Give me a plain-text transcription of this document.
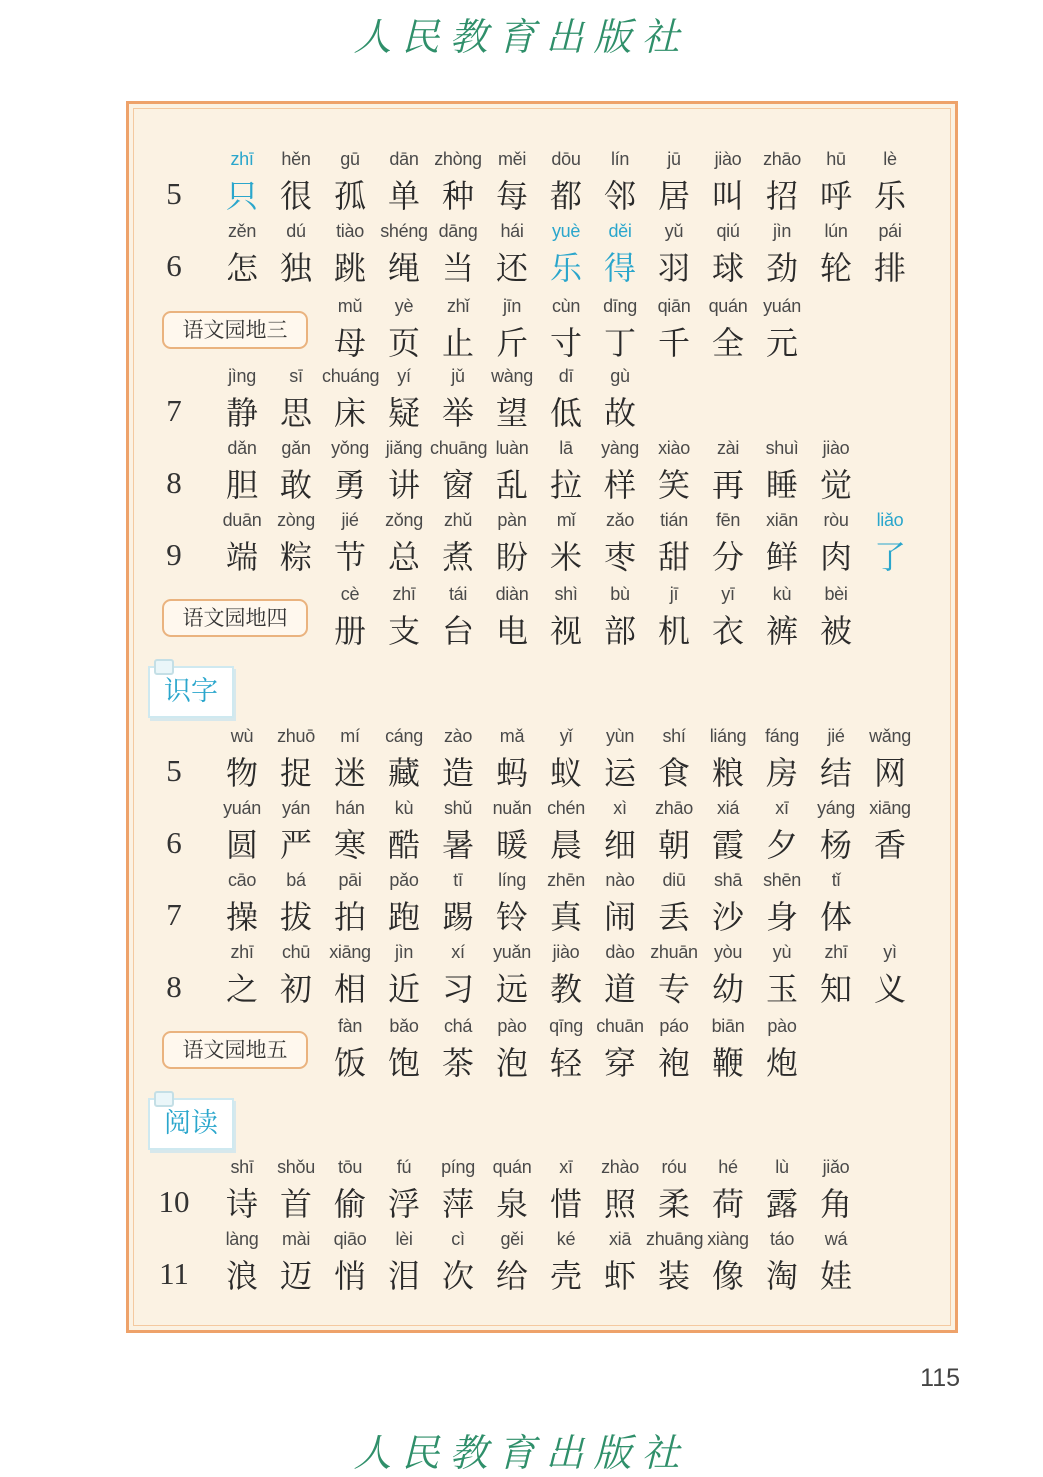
人民教育出版社
5
zhī
只
hěn
很
gū
孤
dān
单
zhòng
种
měi
每
dōu
都
lín
邻
jū
居
jiào
叫
zhāo
招
hū
呼
lè
乐
6
zěn
怎
dú
独
tiào
跳
shéng
绳
dāng
当
hái
还
yuè
乐
děi
得
yǔ
羽
qiú
球
jìn
劲
lún
轮
pái
排
语文园地三
mǔ
母
yè
页
zhǐ
止
jīn
斤
cùn
寸
dīng
丁
qiān
千
quán
全
yuán
元
7
jìng
静
sī
思
chuáng
床
yí
疑
jǔ
举
wàng
望
dī
低
gù
故
8
dǎn
胆
gǎn
敢
yǒng
勇
jiǎng
讲
chuāng
窗
luàn
乱
lā
拉
yàng
样
xiào
笑
zài
再
shuì
睡
jiào
觉
9
duān
端
zòng
粽
jié
节
zǒng
总
zhǔ
煮
pàn
盼
mǐ
米
zǎo
枣
tián
甜
fēn
分
xiān
鲜
ròu
肉
liǎo
了
语文园地四
cè
册
zhī
支
tái
台
diàn
电
shì
视
bù
部
jī
机
yī
衣
kù
裤
bèi
被
识字
5
wù
物
zhuō
捉
mí
迷
cáng
藏
zào
造
mǎ
蚂
yǐ
蚁
yùn
运
shí
食
liáng
粮
fáng
房
jié
结
wǎng
网
6
yuán
圆
yán
严
hán
寒
kù
酷
shǔ
暑
nuǎn
暖
chén
晨
xì
细
zhāo
朝
xiá
霞
xī
夕
yáng
杨
xiāng
香
7
cāo
操
bá
拔
pāi
拍
pǎo
跑
tī
踢
líng
铃
zhēn
真
nào
闹
diū
丢
shā
沙
shēn
身
tǐ
体
8
zhī
之
chū
初
xiāng
相
jìn
近
xí
习
yuǎn
远
jiào
教
dào
道
zhuān
专
yòu
幼
yù
玉
zhī
知
yì
义
语文园地五
fàn
饭
bǎo
饱
chá
茶
pào
泡
qīng
轻
chuān
穿
páo
袍
biān
鞭
pào
炮
阅读
10
shī
诗
shǒu
首
tōu
偷
fú
浮
píng
萍
quán
泉
xī
惜
zhào
照
róu
柔
hé
荷
lù
露
jiǎo
角
11
làng
浪
mài
迈
qiāo
悄
lèi
泪
cì
次
gěi
给
ké
壳
xiā
虾
zhuāng
装
xiàng
像
táo
淘
wá
娃
115
人民教育出版社
